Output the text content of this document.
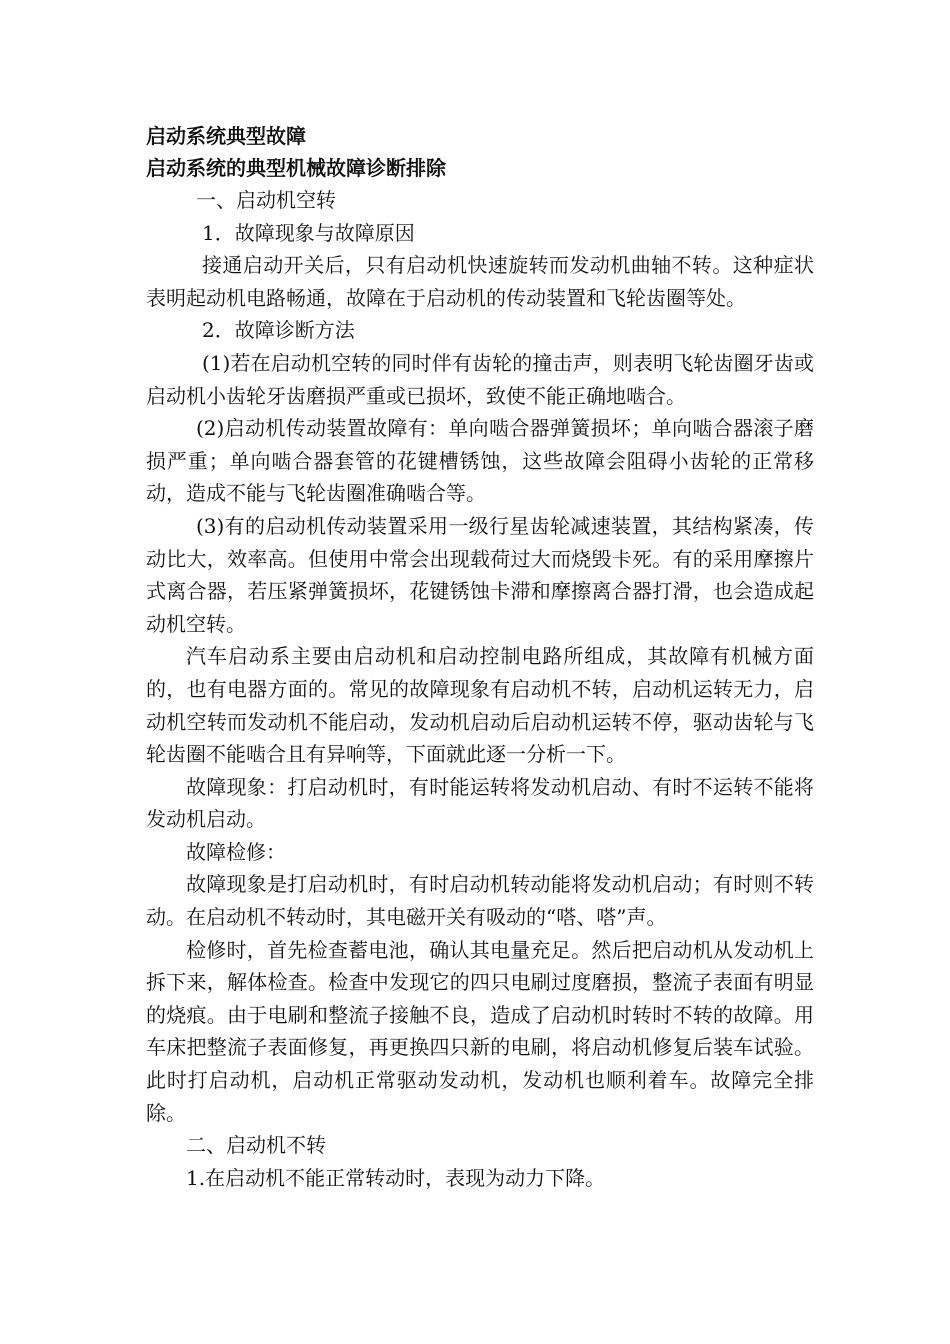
启动系统典型故障

启动系统的典型机械故障诊断排除

一、启动机空转

1．故障现象与故障原因

接通启动开关后，只有启动机快速旋转而发动机曲轴不转。这种症状表明起动机电路畅通，故障在于启动机的传动装置和飞轮齿圈等处。

2．故障诊断方法

(1)若在启动机空转的同时伴有齿轮的撞击声，则表明飞轮齿圈牙齿或启动机小齿轮牙齿磨损严重或已损坏，致使不能正确地啮合。

(2)启动机传动装置故障有：单向啮合器弹簧损坏；单向啮合器滚子磨损严重；单向啮合器套管的花键槽锈蚀，这些故障会阻碍小齿轮的正常移动，造成不能与飞轮齿圈准确啮合等。

(3)有的启动机传动装置采用一级行星齿轮减速装置，其结构紧凑，传动比大，效率高。但使用中常会出现载荷过大而烧毁卡死。有的采用摩擦片式离合器，若压紧弹簧损坏，花键锈蚀卡滞和摩擦离合器打滑，也会造成起动机空转。

汽车启动系主要由启动机和启动控制电路所组成，其故障有机械方面的，也有电器方面的。常见的故障现象有启动机不转，启动机运转无力，启动机空转而发动机不能启动，发动机启动后启动机运转不停，驱动齿轮与飞轮齿圈不能啮合且有异响等，下面就此逐一分析一下。

故障现象：打启动机时，有时能运转将发动机启动、有时不运转不能将发动机启动。

故障检修：

故障现象是打启动机时，有时启动机转动能将发动机启动；有时则不转动。在启动机不转动时，其电磁开关有吸动的“嗒、嗒”声。

检修时，首先检查蓄电池，确认其电量充足。然后把启动机从发动机上拆下来，解体检查。检查中发现它的四只电刷过度磨损，整流子表面有明显的烧痕。由于电刷和整流子接触不良，造成了启动机时转时不转的故障。用车床把整流子表面修复，再更换四只新的电刷，将启动机修复后装车试验。此时打启动机，启动机正常驱动发动机，发动机也顺利着车。故障完全排除。

二、启动机不转

1.在启动机不能正常转动时，表现为动力下降。
